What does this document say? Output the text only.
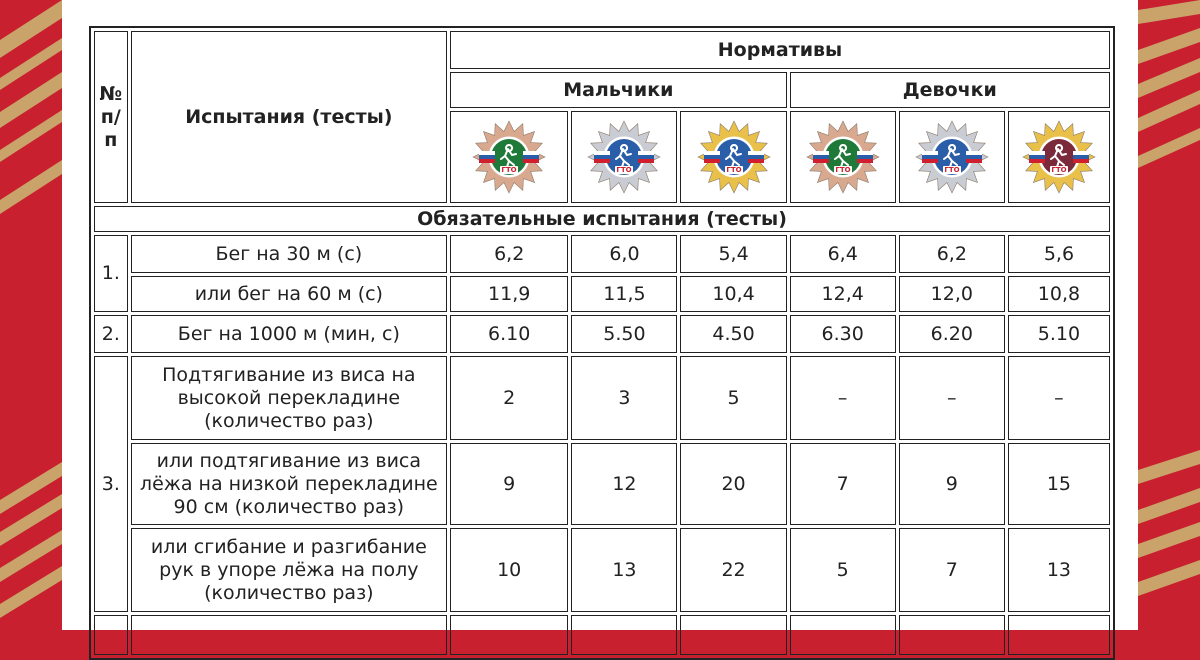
№ п/п	Испытания (тесты)	Нормативы					
		Мальчики			Девочки		

ГТО	ГТО	ГТО	ГТО	ГТО	ГТО

Обязательные испытания (тесты)							
1.	Бег на 30 м (с)	6,2	6,0	5,4	6,4	6,2	5,6
	или бег на 60 м (с)	11,9	11,5	10,4	12,4	12,0	10,8
2.	Бег на 1000 м (мин, с)	6.10	5.50	4.50	6.30	6.20	5.10
3.	Подтягивание из виса на высокой перекладине (количество раз)	2	3	5	–	–	–
	или подтягивание из виса лёжа на низкой перекладине 90 см (количество раз)	9	12	20	7	9	15
	или сгибание и разгибание рук в упоре лёжа на полу (количество раз)	10	13	22	5	7	13
